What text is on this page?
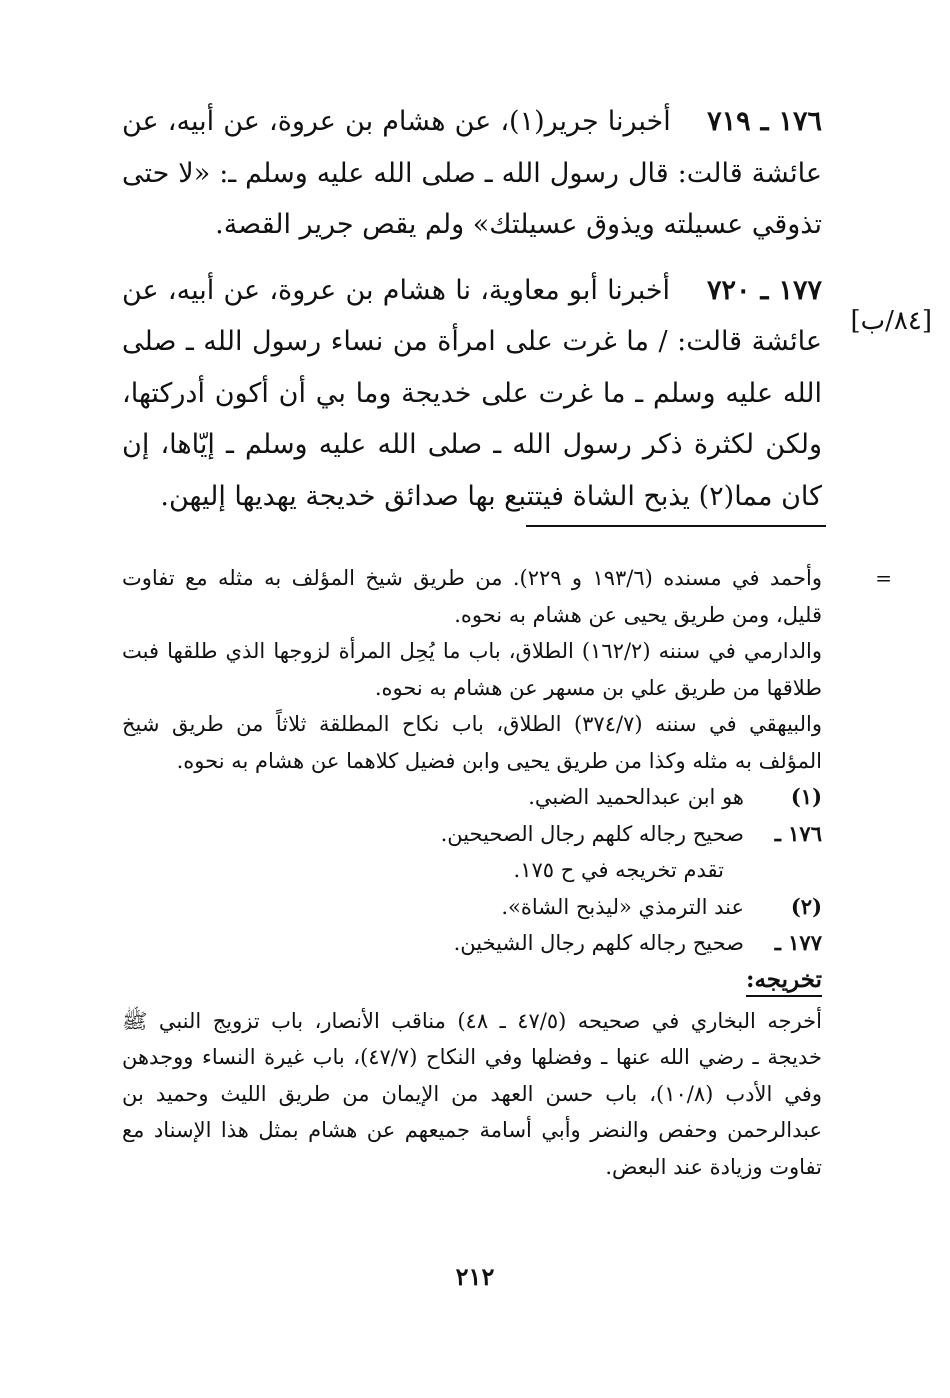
١٧٦ ـ ٧١٩    أخبرنا جرير(١)، عن هشام بن عروة، عن أبيه، عن عائشة قالت: قال رسول الله ـ صلى الله عليه وسلم ـ: «لا حتى تذوقي عسيلته ويذوق عسيلتك» ولم يقص جرير القصة.

١٧٧ ـ ٧٢٠    أخبرنا أبو معاوية، نا هشام بن عروة، عن أبيه، عن عائشة قالت: / ما غرت على امرأة من نساء رسول الله ـ صلى الله عليه وسلم ـ ما غرت على خديجة وما بي أن أكون أدركتها، ولكن لكثرة ذكر رسول الله ـ صلى الله عليه وسلم ـ إيّاها، إن كان مما(٢) يذبح الشاة فيتتبع بها صدائق خديجة يهديها إليهن.

[٨٤/ب]
=

وأحمد في مسنده (١٩٣/٦ و ٢٢٩). من طريق شيخ المؤلف به مثله مع تفاوت قليل، ومن طريق يحيى عن هشام به نحوه.

والدارمي في سننه (١٦٢/٢) الطلاق، باب ما يُحِل المرأة لزوجها الذي طلقها فبت طلاقها من طريق علي بن مسهر عن هشام به نحوه.

والبيهقي في سننه (٣٧٤/٧) الطلاق، باب نكاح المطلقة ثلاثاً من طريق شيخ المؤلف به مثله وكذا من طريق يحيى وابن فضيل كلاهما عن هشام به نحوه.

(١)
هو ابن عبدالحميد الضبي.
١٧٦ ـ
صحيح رجاله كلهم رجال الصحيحين.
تقدم تخريجه في ح ١٧٥.
(٢)
عند الترمذي «ليذبح الشاة».
١٧٧ ـ
صحيح رجاله كلهم رجال الشيخين.
تخريجه:

أخرجه البخاري في صحيحه (٤٧/٥ ـ ٤٨) مناقب الأنصار، باب تزويج النبي ﷺ خديجة ـ رضي الله عنها ـ وفضلها وفي النكاح (٤٧/٧)، باب غيرة النساء ووجدهن وفي الأدب (١٠/٨)، باب حسن العهد من الإيمان من طريق الليث وحميد بن عبدالرحمن وحفص والنضر وأبي أسامة جميعهم عن هشام بمثل هذا الإسناد مع تفاوت وزيادة عند البعض.

٢١٢
